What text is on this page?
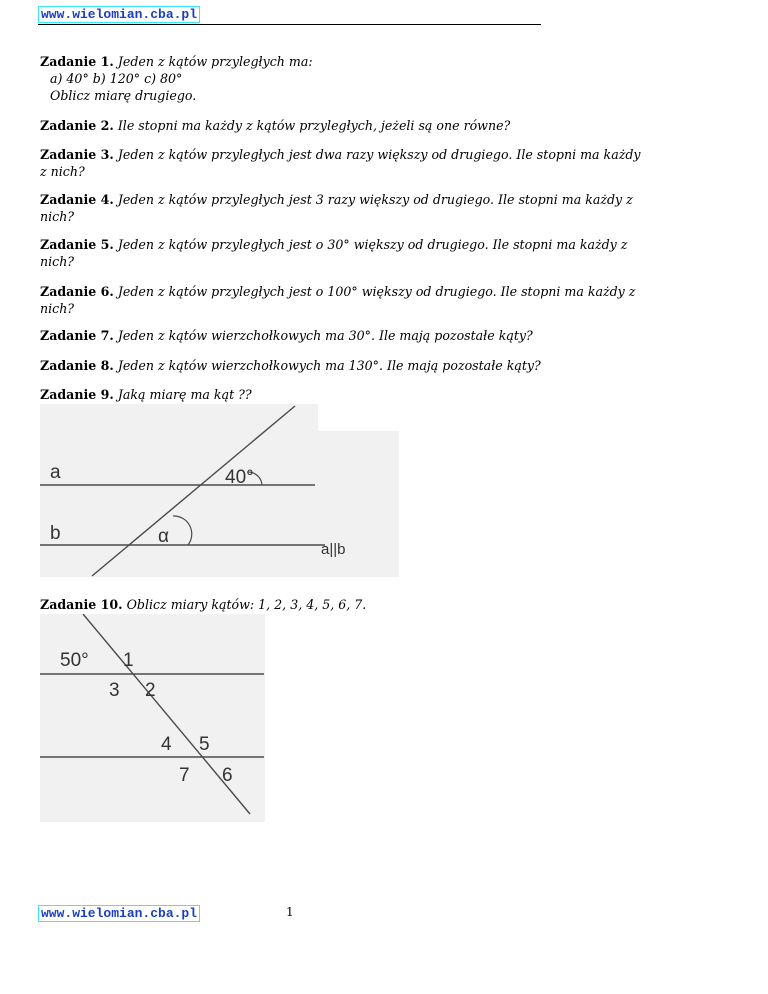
www.wielomian.cba.pl
Zadanie 1. Jeden z kątów przyległych ma:
a) 40° b) 120° c) 80°
Oblicz miarę drugiego.
Zadanie 2. Ile stopni ma każdy z kątów przyległych, jeżeli są one równe?
Zadanie 3. Jeden z kątów przyległych jest dwa razy większy od drugiego. Ile stopni ma każdy
z nich?
Zadanie 4. Jeden z kątów przyległych jest 3 razy większy od drugiego. Ile stopni ma każdy z
nich?
Zadanie 5. Jeden z kątów przyległych jest o 30° większy od drugiego. Ile stopni ma każdy z
nich?
Zadanie 6. Jeden z kątów przyległych jest o 100° większy od drugiego. Ile stopni ma każdy z
nich?
Zadanie 7. Jeden z kątów wierzchołkowych ma 30°. Ile mają pozostałe kąty?
Zadanie 8. Jeden z kątów wierzchołkowych ma 130°. Ile mają pozostałe kąty?
Zadanie 9. Jaką miarę ma kąt ??
a
b
40°
α
a||b
Zadanie 10. Oblicz miary kątów: 1, 2, 3, 4, 5, 6, 7.
50° 1
2
3
4 5
6
7
www.wielomian.cba.pl	1
